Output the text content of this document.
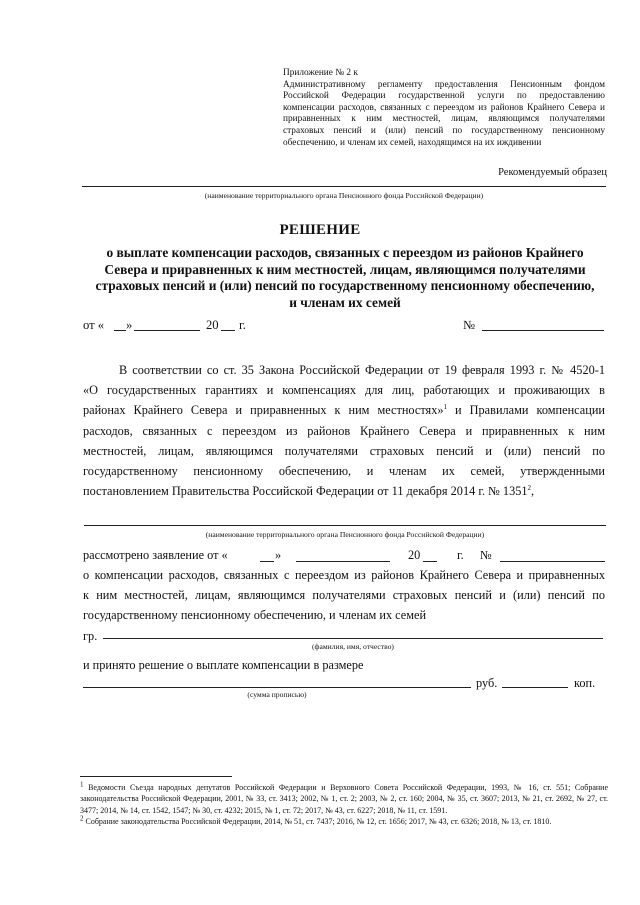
Приложение № 2 к
Административному регламенту предоставления Пенсионным фондом
Российской Федерации государственной услуги по предоставлению
компенсации расходов, связанных с переездом из районов Крайнего Севера и
приравненных к ним местностей, лицам, являющимся получателями
страховых пенсий и (или) пенсий по государственному пенсионному
обеспечению, и членам их семей, находящимся на их иждивении
Рекомендуемый образец
(наименование территориального органа Пенсионного фонда Российской Федерации)
РЕШЕНИЕ
о выплате компенсации расходов, связанных с переездом из районов Крайнего
Севера и приравненных к ним местностей, лицам, являющимся получателями
страховых пенсий и (или) пенсий по государственному пенсионному обеспечению,
и членам их семей
от « »	20 г.	№

В соответствии со ст. 35 Закона Российской Федерации от 19 февраля 1993 г. № 4520-1

«О государственных гарантиях и компенсациях для лиц, работающих и проживающих в

районах Крайнего Севера и приравненных к ним местностях»$^1$ и Правилами компенсации

расходов, связанных с переездом из районов Крайнего Севера и приравненных к ним

местностей, лицам, являющимся получателями страховых пенсий и (или) пенсий по

государственному пенсионному обеспечению, и членам их семей, утвержденными

постановлением Правительства Российской Федерации от 11 декабря 2014 г. № 1351$^2$,

(наименование территориального органа Пенсионного фонда Российской Федерации)
рассмотрено заявление от «	»	20	г. №

о компенсации расходов, связанных с переездом из районов Крайнего Севера и приравненных

к ним местностей, лицам, являющимся получателями страховых пенсий и (или) пенсий по

государственному пенсионному обеспечению, и членам их семей

гр.
(фамилия, имя, отчество)
и принято решение о выплате компенсации в размере
руб.	коп.
(сумма прописью)

$^1$ Ведомости Съезда народных депутатов Российской Федерации и Верховного Совета Российской Федерации, 1993, № 16, ст. 551; Собрание законодательства Российской Федерации, 2001, № 33, ст. 3413; 2002, № 1, ст. 2; 2003, № 2, ст. 160; 2004, № 35, ст. 3607; 2013, № 21, ст. 2692, № 27, ст. 3477; 2014, № 14, ст. 1542, 1547; № 30, ст. 4232; 2015, № 1, ст. 72; 2017, № 43, ст. 6227; 2018, № 11, ст. 1591.

$^2$ Собрание законодательства Российской Федерации, 2014, № 51, ст. 7437; 2016, № 12, ст. 1656; 2017, № 43, ст. 6326; 2018, № 13, ст. 1810.
